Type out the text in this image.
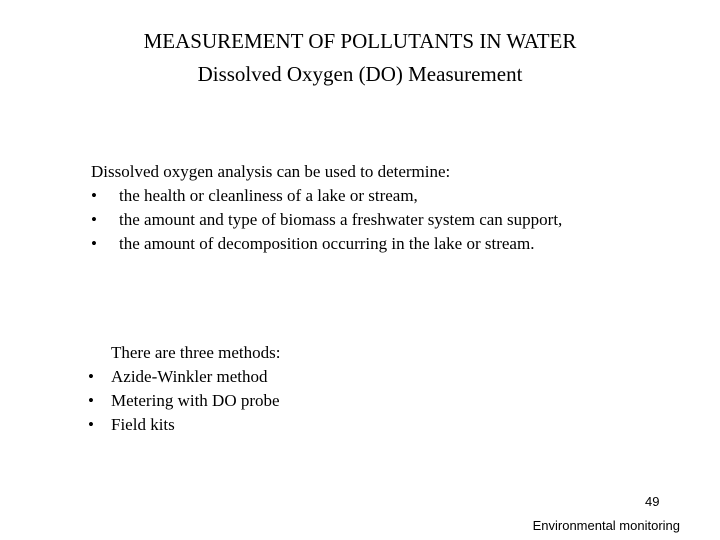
MEASUREMENT OF POLLUTANTS IN WATER
Dissolved Oxygen (DO) Measurement
Dissolved oxygen analysis can be used to determine:
• the health or cleanliness of a lake or stream,
• the amount and type of biomass a freshwater system can support,
• the amount of decomposition occurring in the lake or stream.
There are three methods:
• Azide-Winkler method
• Metering with DO probe
• Field kits
49
Environmental monitoring
